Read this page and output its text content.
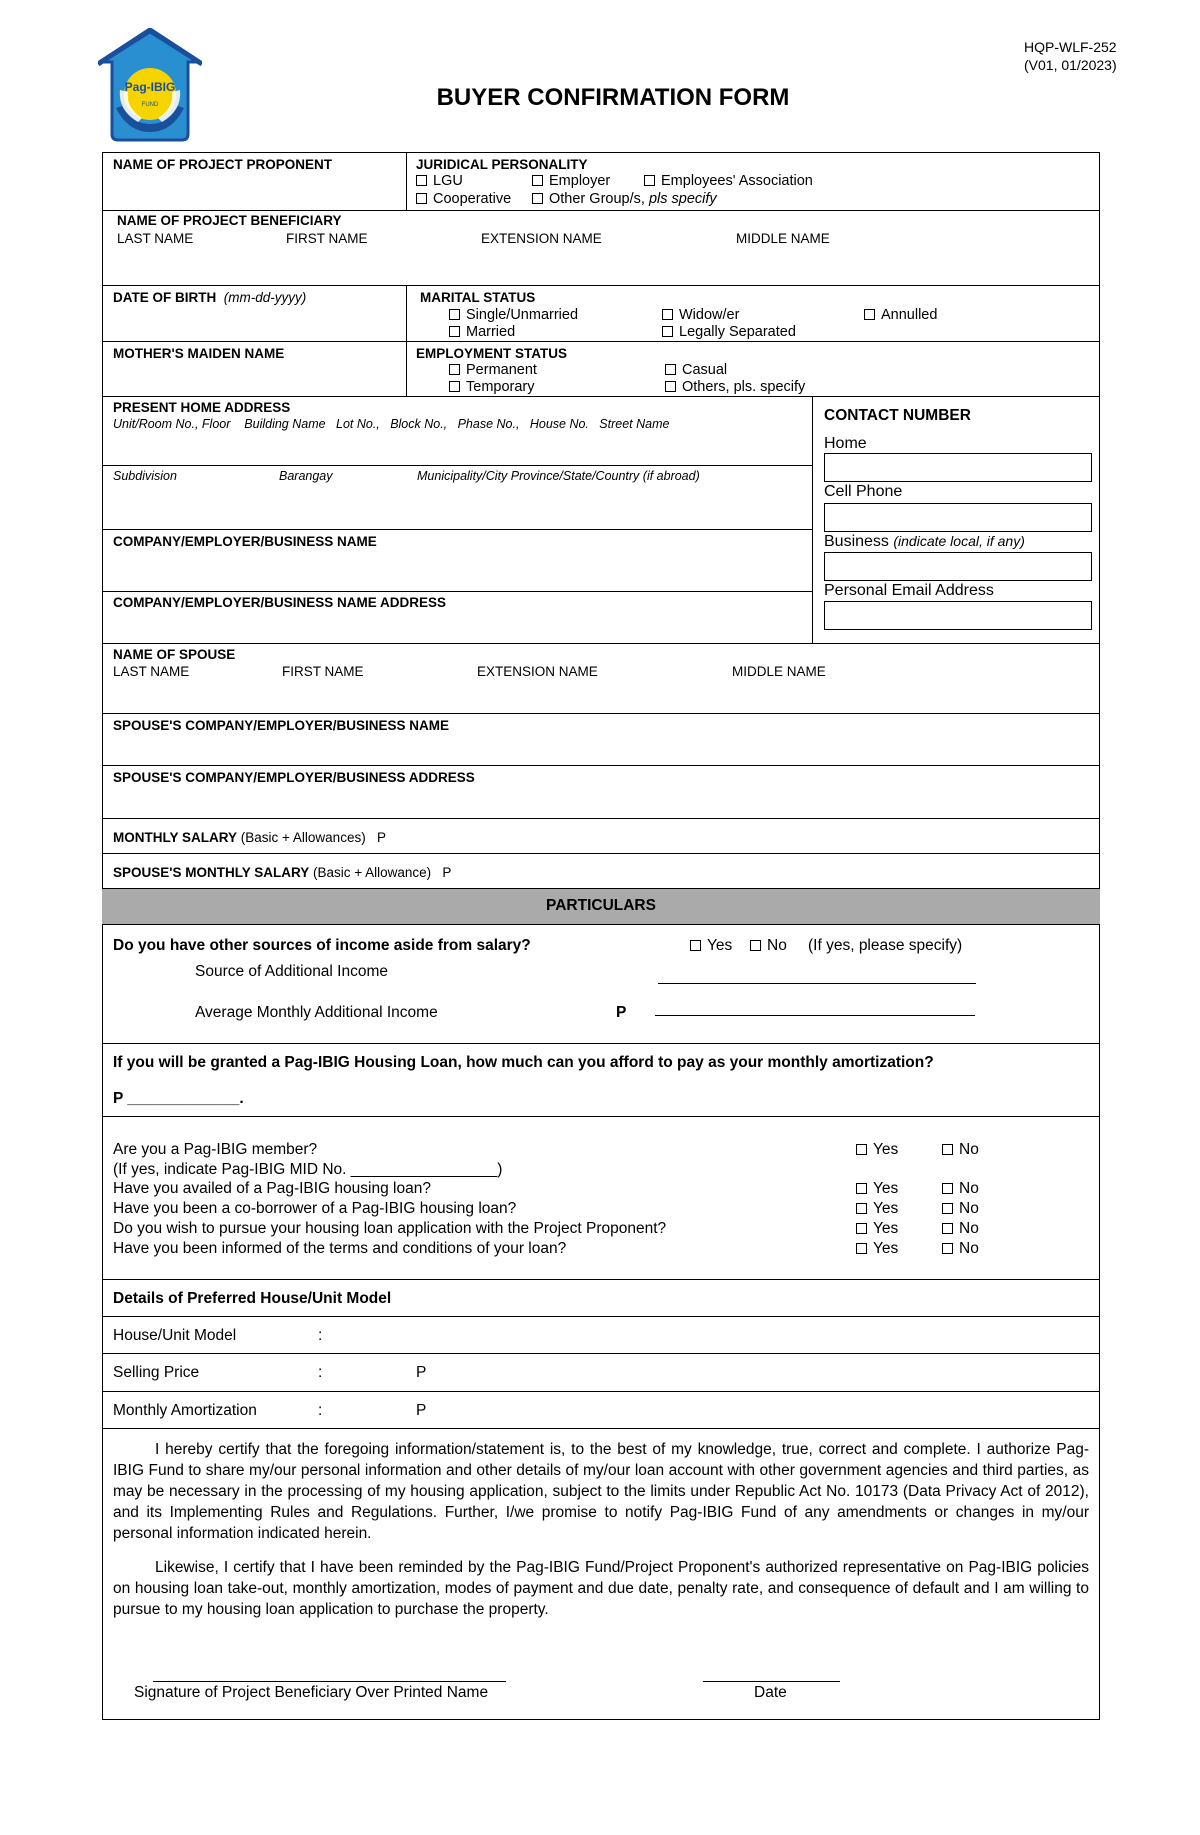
Pag-IBIG
FUND
HQP-WLF-252
(V01, 01/2023)
BUYER CONFIRMATION FORM
NAME OF PROJECT PROPONENT	JURIDICAL PERSONALITY
LGU	Employer	Employees' Association
Cooperative	Other Group/s, pls specify
NAME OF PROJECT BENEFICIARY
LAST NAME	FIRST NAME	EXTENSION NAME	MIDDLE NAME
DATE OF BIRTH (mm-dd-yyyy)	MARITAL STATUS
Single/Unmarried	Widow/er	Annulled
Married	Legally Separated
MOTHER'S MAIDEN NAME	EMPLOYMENT STATUS
Permanent	Casual
Temporary	Others, pls. specify
PRESENT HOME ADDRESS
Unit/Room No., Floor    Building Name   Lot No.,   Block No.,   Phase No.,   House No.   Street Name
Subdivision	Barangay	Municipality/City Province/State/Country (if abroad)
COMPANY/EMPLOYER/BUSINESS NAME
COMPANY/EMPLOYER/BUSINESS NAME ADDRESS
CONTACT NUMBER
Home
Cell Phone
Business (indicate local, if any)
Personal Email Address
NAME OF SPOUSE
LAST NAME	FIRST NAME	EXTENSION NAME	MIDDLE NAME
SPOUSE'S COMPANY/EMPLOYER/BUSINESS NAME
SPOUSE'S COMPANY/EMPLOYER/BUSINESS ADDRESS
MONTHLY SALARY (Basic + Allowances)   P
SPOUSE'S MONTHLY SALARY (Basic + Allowance)   P
PARTICULARS
Do you have other sources of income aside from salary?	Yes	No (If yes, please specify)
Source of Additional Income
Average Monthly Additional Income	P
If you will be granted a Pag-IBIG Housing Loan, how much can you afford to pay as your monthly amortization?
P _____________.
Are you a Pag-IBIG member?	Yes	No
(If yes, indicate Pag-IBIG MID No. _________________)
Have you availed of a Pag-IBIG housing loan?	Yes	No
Have you been a co-borrower of a Pag-IBIG housing loan?	Yes	No
Do you wish to pursue your housing loan application with the Project Proponent?	Yes	No
Have you been informed of the terms and conditions of your loan?	Yes	No
Details of Preferred House/Unit Model
House/Unit Model	:
Selling Price	:	P
Monthly Amortization	:	P
I hereby certify that the foregoing information/statement is, to the best of my knowledge, true, correct and complete. I authorize Pag-IBIG Fund to share my/our personal information and other details of my/our loan account with other government agencies and third parties, as may be necessary in the processing of my housing application, subject to the limits under Republic Act No. 10173 (Data Privacy Act of 2012), and its Implementing Rules and Regulations. Further, I/we promise to notify Pag-IBIG Fund of any amendments or changes in my/our personal information indicated herein.
Likewise, I certify that I have been reminded by the Pag-IBIG Fund/Project Proponent's authorized representative on Pag-IBIG policies on housing loan take-out, monthly amortization, modes of payment and due date, penalty rate, and consequence of default and I am willing to pursue to my housing loan application to purchase the property.
Signature of Project Beneficiary Over Printed Name	Date
